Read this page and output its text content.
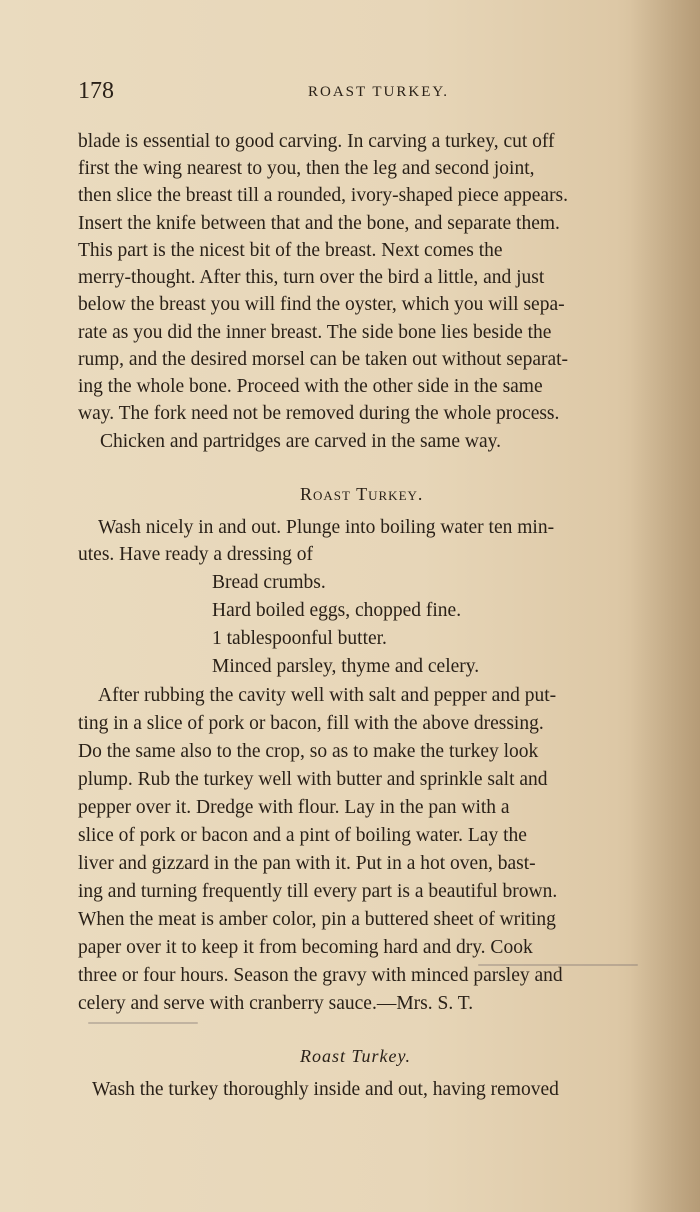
178	ROAST TURKEY.
blade is essential to good carving. In carving a turkey, cut off
first the wing nearest to you, then the leg and second joint,
then slice the breast till a rounded, ivory-shaped piece appears.
Insert the knife between that and the bone, and separate them.
This part is the nicest bit of the breast. Next comes the
merry-thought. After this, turn over the bird a little, and just
below the breast you will find the oyster, which you will sepa-
rate as you did the inner breast. The side bone lies beside the
rump, and the desired morsel can be taken out without separat-
ing the whole bone. Proceed with the other side in the same
way. The fork need not be removed during the whole process.
Chicken and partridges are carved in the same way.
Roast Turkey.
Wash nicely in and out. Plunge into boiling water ten min-
utes. Have ready a dressing of
Bread crumbs.
Hard boiled eggs, chopped fine.
1 tablespoonful butter.
Minced parsley, thyme and celery.
After rubbing the cavity well with salt and pepper and put-
ting in a slice of pork or bacon, fill with the above dressing.
Do the same also to the crop, so as to make the turkey look
plump. Rub the turkey well with butter and sprinkle salt and
pepper over it. Dredge with flour. Lay in the pan with a
slice of pork or bacon and a pint of boiling water. Lay the
liver and gizzard in the pan with it. Put in a hot oven, bast-
ing and turning frequently till every part is a beautiful brown.
When the meat is amber color, pin a buttered sheet of writing
paper over it to keep it from becoming hard and dry. Cook
three or four hours. Season the gravy with minced parsley and
celery and serve with cranberry sauce.—Mrs. S. T.
Roast Turkey.
Wash the turkey thoroughly inside and out, having removed
